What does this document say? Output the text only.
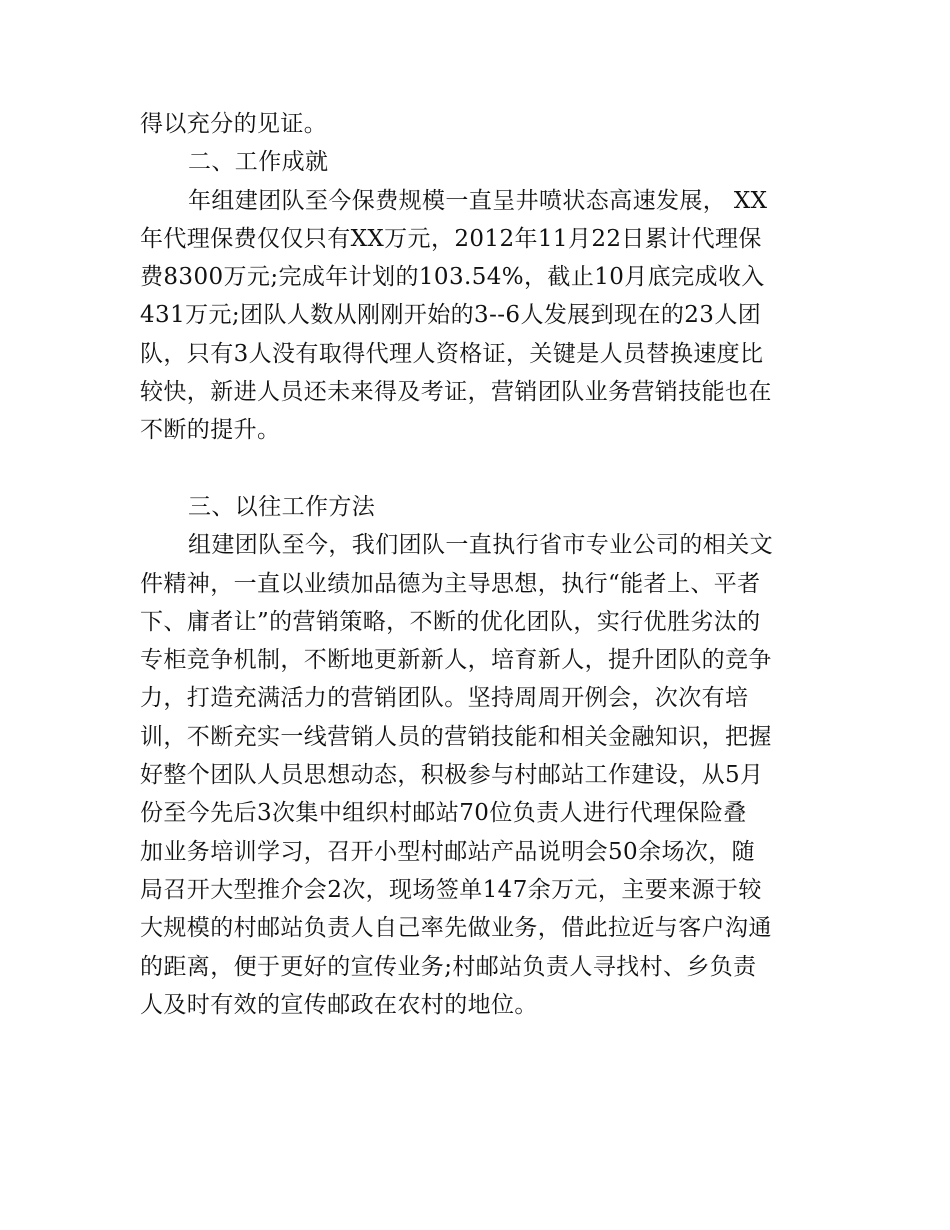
得以充分的见证。

二、工作成就

年组建团队至今保费规模一直呈井喷状态高速发展， XX

年代理保费仅仅只有XX万元，2012年11月22日累计代理保

费8300万元;完成年计划的103.54%，截止10月底完成收入

431万元;团队人数从刚刚开始的3--6人发展到现在的23人团

队，只有3人没有取得代理人资格证，关键是人员替换速度比

较快，新进人员还未来得及考证，营销团队业务营销技能也在

不断的提升。

三、以往工作方法

组建团队至今，我们团队一直执行省市专业公司的相关文

件精神，一直以业绩加品德为主导思想，执行“能者上、平者

下、庸者让”的营销策略，不断的优化团队，实行优胜劣汰的

专柜竞争机制，不断地更新新人，培育新人，提升团队的竞争

力，打造充满活力的营销团队。坚持周周开例会，次次有培

训，不断充实一线营销人员的营销技能和相关金融知识，把握

好整个团队人员思想动态，积极参与村邮站工作建设，从5月

份至今先后3次集中组织村邮站70位负责人进行代理保险叠

加业务培训学习，召开小型村邮站产品说明会50余场次，随

局召开大型推介会2次，现场签单147余万元，主要来源于较

大规模的村邮站负责人自己率先做业务，借此拉近与客户沟通

的距离，便于更好的宣传业务;村邮站负责人寻找村、乡负责

人及时有效的宣传邮政在农村的地位。
